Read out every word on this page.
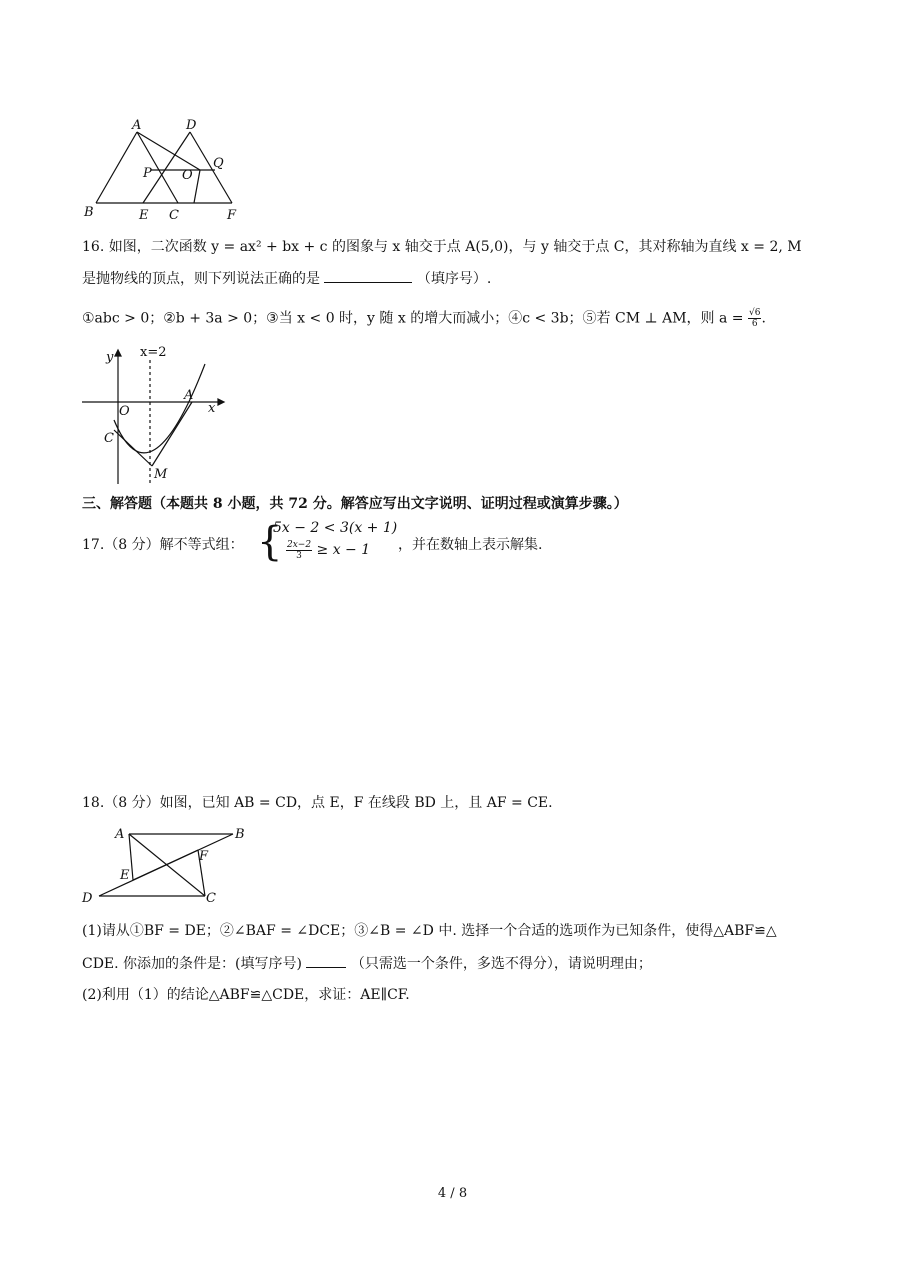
A	D
Q
P O
B	E C	F
16. 如图，二次函数 y = ax² + bx + c 的图象与 x 轴交于点 A(5,0)，与 y 轴交于点 C，其对称轴为直线 x = 2, M
是抛物线的顶点，则下列说法正确的是	（填序号）.
①abc > 0；②b + 3a > 0；③当 x < 0 时，y 随 x 的增大而减小；④c < 3b；⑤若 CM ⊥ AM，则 $a = \frac{√6}{6}$ .
y x=2
A
O	x
C
M
三、解答题（本题共 8 小题，共 72 分。解答应写出文字说明、证明过程或演算步骤。）
17.（8 分）解不等式组： {
5x − 2 < 3(x + 1)
$\frac{2x-2}{3} \ge x - 1$ ，并在数轴上表示解集.
18.（8 分）如图，已知 AB = CD，点 E，F 在线段 BD 上，且 AF = CE.
A	B
F
E
D	C
(1)请从①BF = DE；②∠BAF = ∠DCE；③∠B = ∠D 中. 选择一个合适的选项作为已知条件，使得△ABF≌△
CDE. 你添加的条件是：(填写序号)	（只需选一个条件，多选不得分），请说明理由；
(2)利用（1）的结论△ABF≌△CDE，求证：AE∥CF.
4 / 8
